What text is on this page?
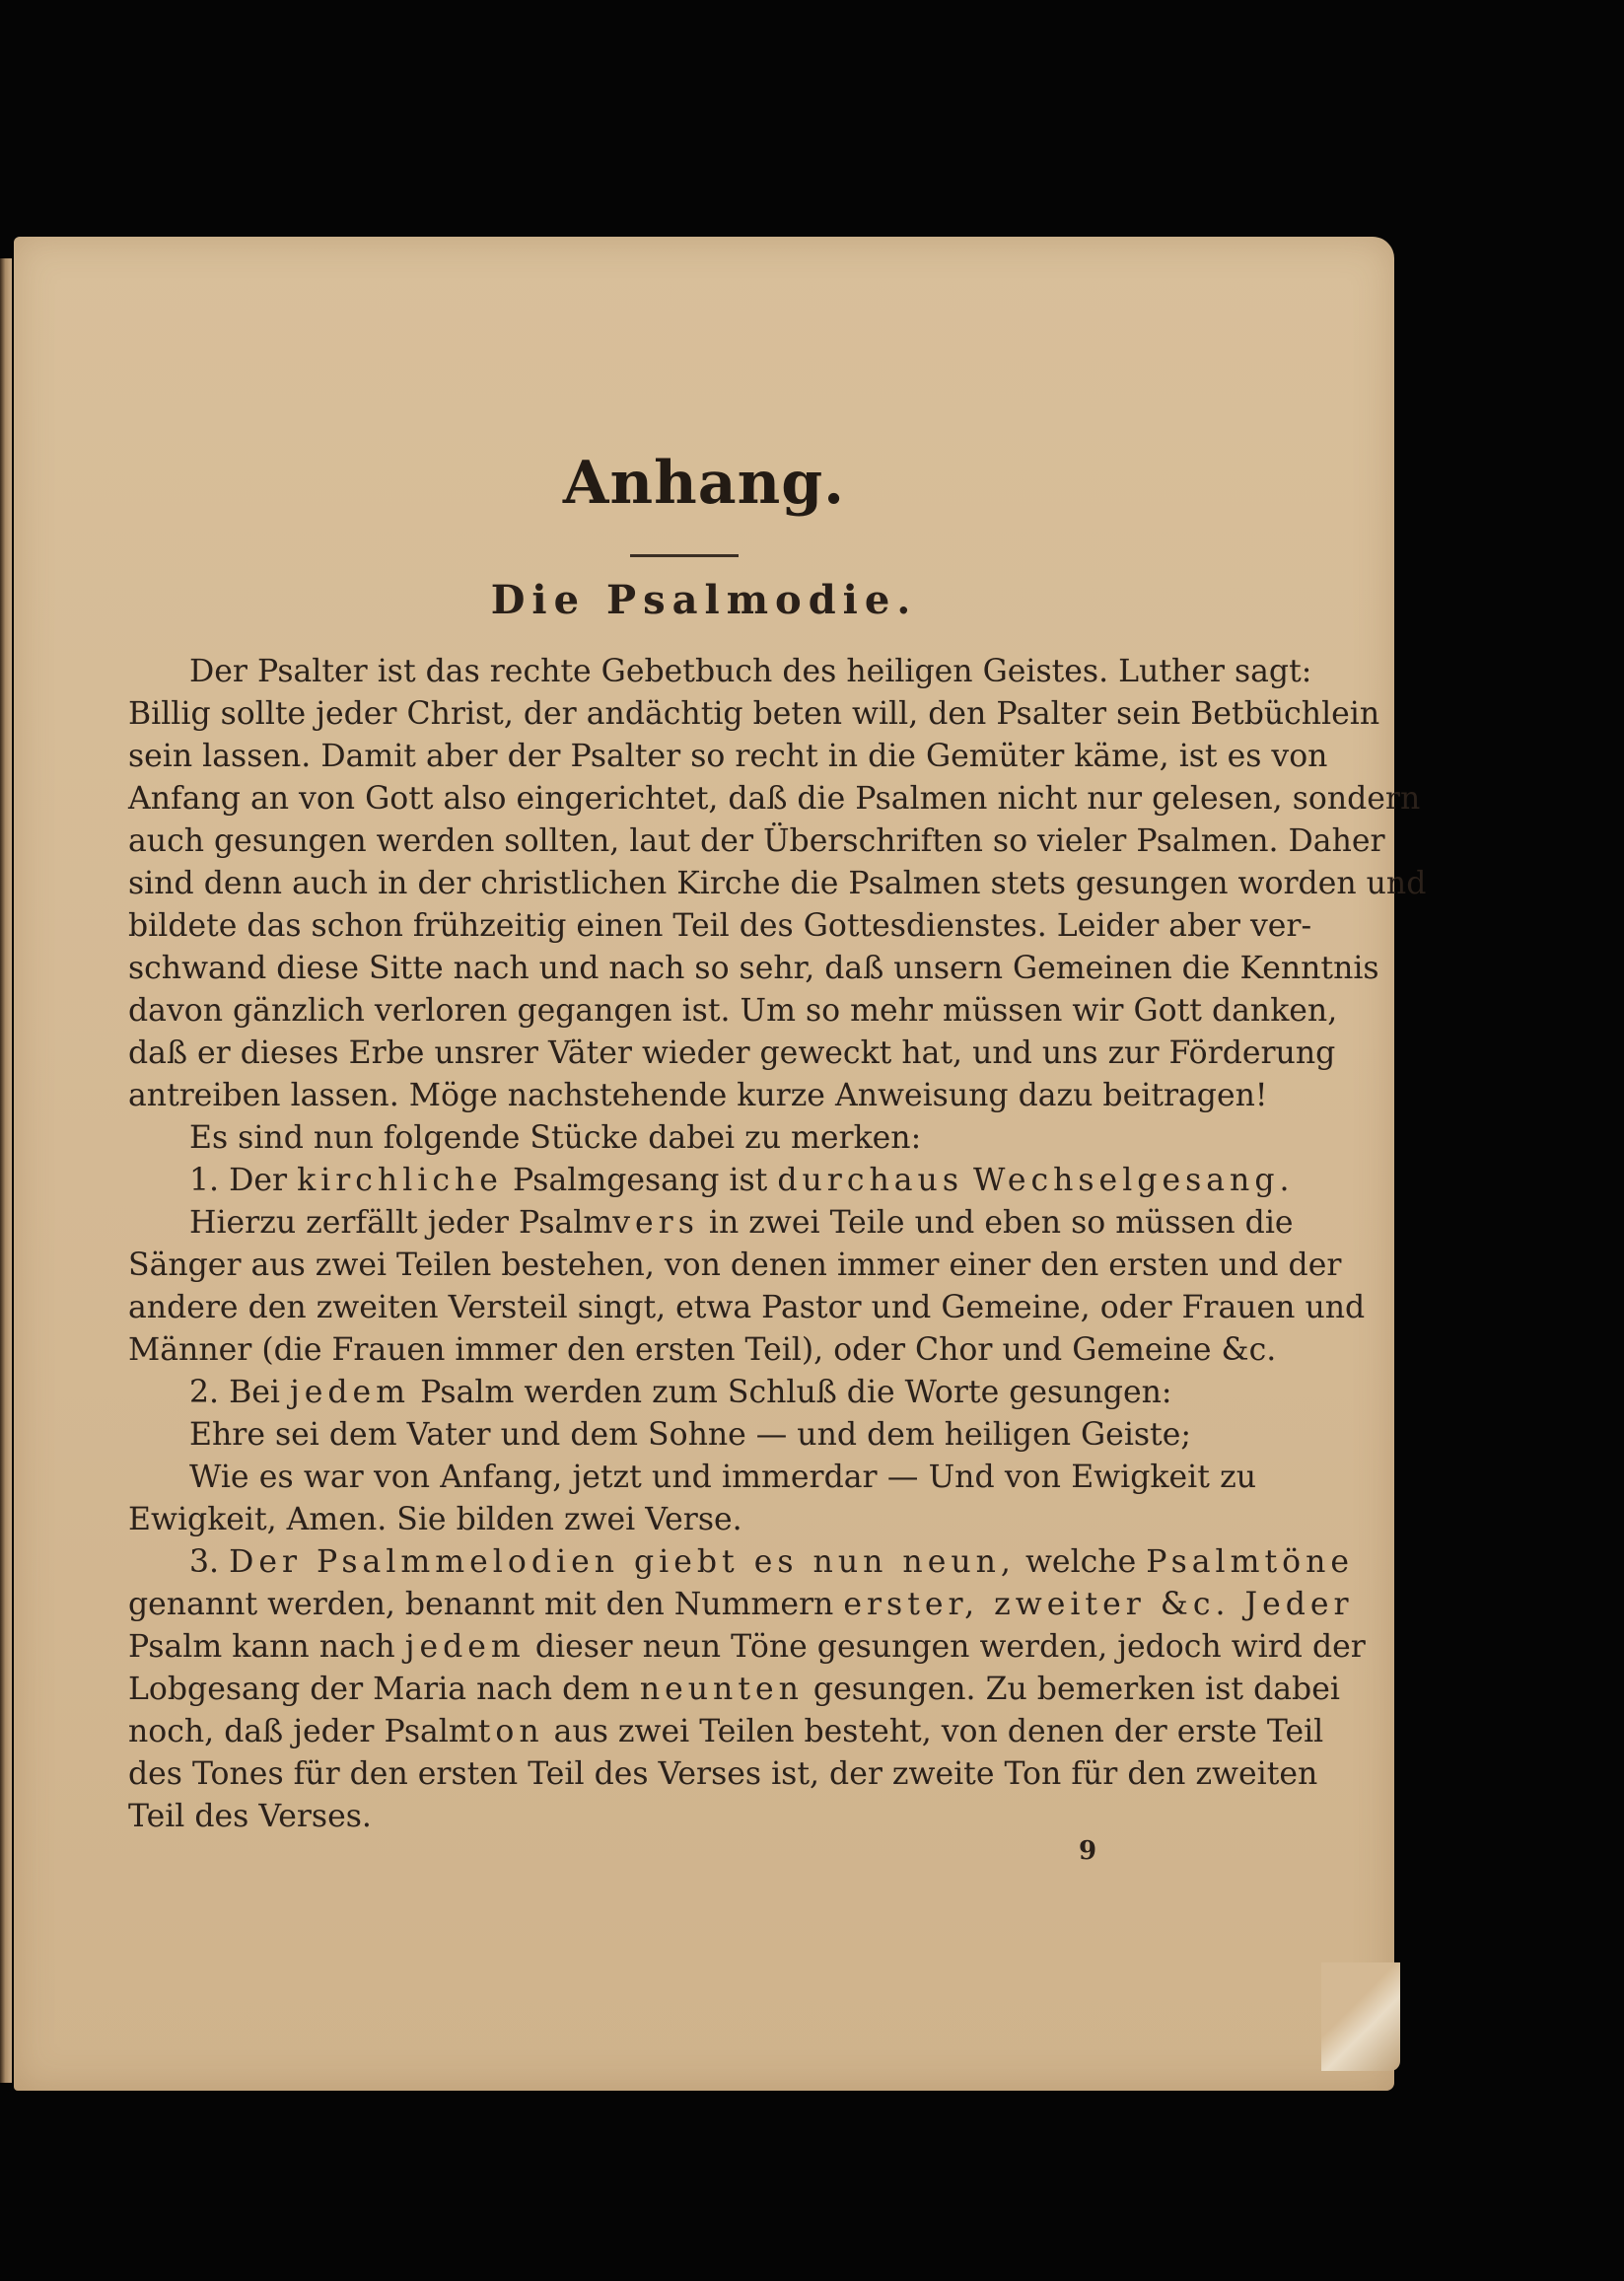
Anhang.
Die Psalmodie.
Der Psalter ist das rechte Gebetbuch des heiligen Geistes. Luther sagt:
Billig sollte jeder Christ, der andächtig beten will, den Psalter sein Betbüchlein
sein lassen. Damit aber der Psalter so recht in die Gemüter käme, ist es von
Anfang an von Gott also eingerichtet, daß die Psalmen nicht nur gelesen, sondern
auch gesungen werden sollten, laut der Überschriften so vieler Psalmen. Daher
sind denn auch in der christlichen Kirche die Psalmen stets gesungen worden und
bildete das schon frühzeitig einen Teil des Gottesdienstes. Leider aber ver-
schwand diese Sitte nach und nach so sehr, daß unsern Gemeinen die Kenntnis
davon gänzlich verloren gegangen ist. Um so mehr müssen wir Gott danken,
daß er dieses Erbe unsrer Väter wieder geweckt hat, und uns zur Förderung
antreiben lassen. Möge nachstehende kurze Anweisung dazu beitragen!
Es sind nun folgende Stücke dabei zu merken:
1. Der kirchliche Psalmgesang ist durchaus Wechselgesang.
Hierzu zerfällt jeder Psalmvers in zwei Teile und eben so müssen die
Sänger aus zwei Teilen bestehen, von denen immer einer den ersten und der
andere den zweiten Versteil singt, etwa Pastor und Gemeine, oder Frauen und
Männer (die Frauen immer den ersten Teil), oder Chor und Gemeine &c.
2. Bei jedem Psalm werden zum Schluß die Worte gesungen:
Ehre sei dem Vater und dem Sohne — und dem heiligen Geiste;
Wie es war von Anfang, jetzt und immerdar — Und von Ewigkeit zu
Ewigkeit, Amen. Sie bilden zwei Verse.
3. Der Psalmmelodien giebt es nun neun, welche Psalmtöne
genannt werden, benannt mit den Nummern erster, zweiter &c. Jeder
Psalm kann nach jedem dieser neun Töne gesungen werden, jedoch wird der
Lobgesang der Maria nach dem neunten gesungen. Zu bemerken ist dabei
noch, daß jeder Psalmton aus zwei Teilen besteht, von denen der erste Teil
des Tones für den ersten Teil des Verses ist, der zweite Ton für den zweiten
Teil des Verses.
9
